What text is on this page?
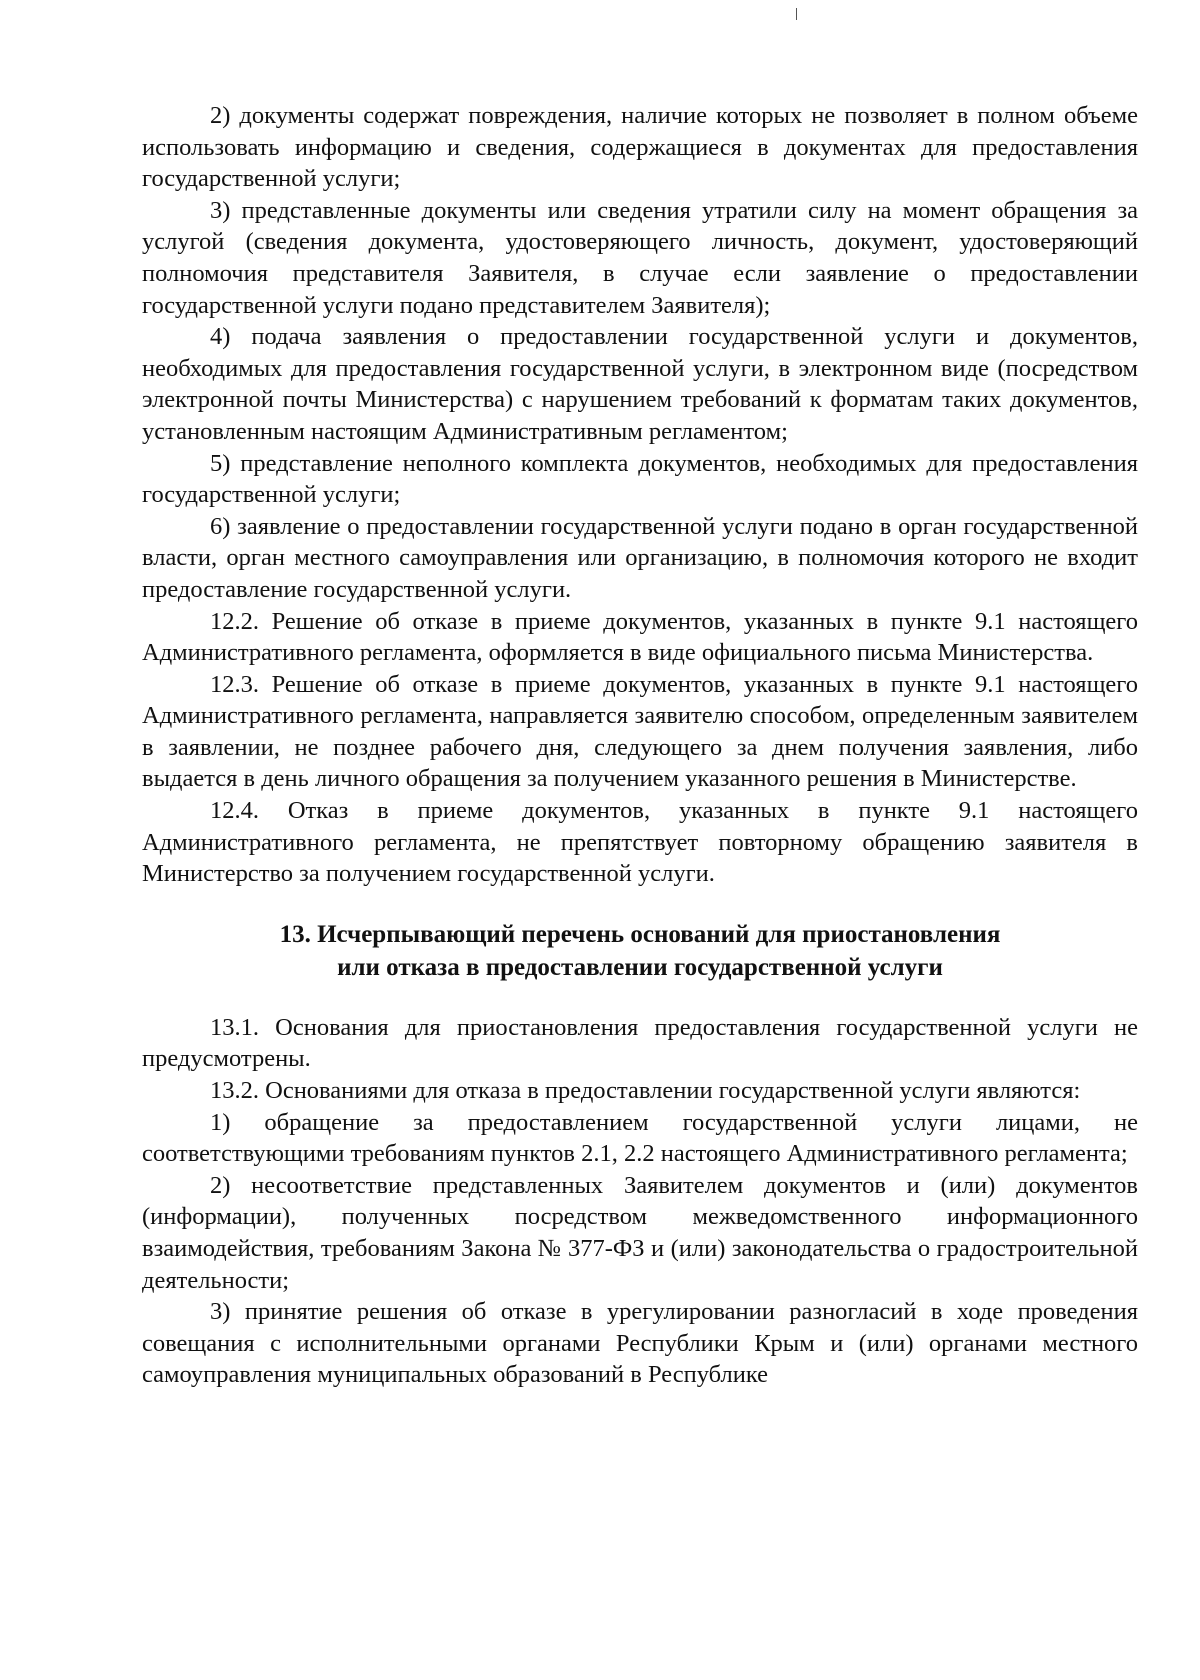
2) документы содержат повреждения, наличие которых не позволяет в полном объеме использовать информацию и сведения, содержащиеся в документах для предоставления государственной услуги;

3) представленные документы или сведения утратили силу на момент обращения за услугой (сведения документа, удостоверяющего личность, документ, удостоверяющий полномочия представителя Заявителя, в случае если заявление о предоставлении государственной услуги подано представителем Заявителя);

4) подача заявления о предоставлении государственной услуги и документов, необходимых для предоставления государственной услуги, в электронном виде (посредством электронной почты Министерства) с нарушением требований к форматам таких документов, установленным настоящим Административным регламентом;

5) представление неполного комплекта документов, необходимых для предоставления государственной услуги;

6) заявление о предоставлении государственной услуги подано в орган государственной власти, орган местного самоуправления или организацию, в полномочия которого не входит предоставление государственной услуги.

12.2. Решение об отказе в приеме документов, указанных в пункте 9.1 настоящего Административного регламента, оформляется в виде официального письма Министерства.

12.3. Решение об отказе в приеме документов, указанных в пункте 9.1 настоящего Административного регламента, направляется заявителю способом, определенным заявителем в заявлении, не позднее рабочего дня, следующего за днем получения заявления, либо выдается в день личного обращения за получением указанного решения в Министерстве.

12.4. Отказ в приеме документов, указанных в пункте 9.1 настоящего Административного регламента, не препятствует повторному обращению заявителя в Министерство за получением государственной услуги.

13. Исчерпывающий перечень оснований для приостановления
или отказа в предоставлении государственной услуги

13.1. Основания для приостановления предоставления государственной услуги не предусмотрены.

13.2. Основаниями для отказа в предоставлении государственной услуги являются:

1) обращение за предоставлением государственной услуги лицами, не соответствующими требованиям пунктов 2.1, 2.2 настоящего Административного регламента;

2) несоответствие представленных Заявителем документов и (или) документов (информации), полученных посредством межведомственного информационного взаимодействия, требованиям Закона № 377-ФЗ и (или) законодательства о градостроительной деятельности;

3) принятие решения об отказе в урегулировании разногласий в ходе проведения совещания с исполнительными органами Республики Крым и (или) органами местного самоуправления муниципальных образований в Республике
